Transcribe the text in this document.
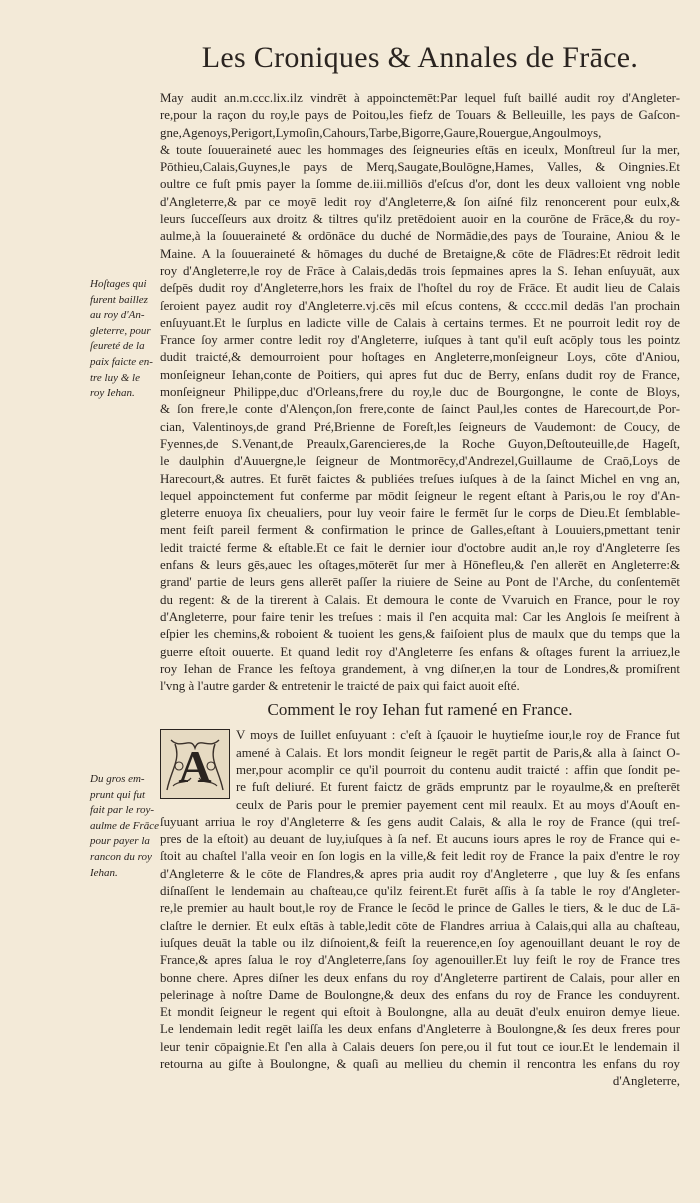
Les Croniques & Annales de Frāce.
Hoſtages qui
furent baillez
au roy d'An-
gleterre, pour
ſeureté de la
paix faicte en-
tre luy & le
roy Iehan.
Du gros em-
prunt qui fut
fait par le roy-
aulme de Frāce
pour payer la
rancon du roy
Iehan.
May audit an.m.ccc.lix.ilz vindrēt à appoinctemēt:Par lequel fuſt baillé audit roy d'Angleter-
re,pour la raçon du roy,le pays de Poitou,les fiefz de Touars & Belleuille, les pays de Gaſcon-
gne,Agenoys,Perigort,Lymoſin,Cahours,Tarbe,Bigorre,Gaure,Rouergue,Angoulmoys,
& toute ſouueraineté auec les hommages des ſeigneuries eſtās en iceulx, Monſtreul ſur la mer,
Pōthieu,Calais,Guynes,le pays de Merq,Saugate,Boulōgne,Hames, Valles, & Oingnies.Et
oultre ce fuſt pmis payer la ſomme de.iii.milliōs d'eſcus d'or, dont les deux valloient vng noble
d'Angleterre,& par ce moyē ledit roy d'Angleterre,& ſon aiſné filz renoncerent pour eulx,&
leurs ſucceſſeurs aux droitz & tiltres qu'ilz pretēdoient auoir en la courōne de Frāce,& du roy-
aulme,à la ſouueraineté & ordōnāce du duché de Normādie,des pays de Touraine, Aniou & le
Maine. A la ſouueraineté & hōmages du duché de Bretaigne,& cōte de Flādres:Et rēdroit ledit
roy d'Angleterre,le roy de Frāce à Calais,dedās trois ſepmaines apres la S. Iehan enſuyuāt, aux
deſpēs dudit roy d'Angleterre,hors les fraix de l'hoſtel du roy de Frāce. Et audit lieu de Calais
ſeroient payez audit roy d'Angleterre.vj.cēs mil eſcus contens, & cccc.mil dedās l'an prochain
enſuyuant.Et le ſurplus en ladicte ville de Calais à certains termes. Et ne pourroit ledit roy de
France ſoy armer contre ledit roy d'Angleterre, iuſques à tant qu'il euſt acōply tous les pointz
dudit traicté,& demourroient pour hoſtages en Angleterre,monſeigneur Loys, cōte d'Aniou,
monſeigneur Iehan,conte de Poitiers, qui apres fut duc de Berry, enſans dudit roy de France,
monſeigneur Philippe,duc d'Orleans,frere du roy,le duc de Bourgongne, le conte de Bloys,
& ſon frere,le conte d'Alençon,ſon frere,conte de ſainct Paul,les contes de Harecourt,de Por-
cian, Valentinoys,de grand Pré,Brienne de Foreſt,les ſeigneurs de Vaudemont: de Coucy, de
Fyennes,de S.Venant,de Preaulx,Garencieres,de la Roche Guyon,Deſtouteuille,de Hageſt,
le daulphin d'Auuergne,le ſeigneur de Montmorēcy,d'Andrezel,Guillaume de Craō,Loys de
Harecourt,& autres. Et furēt faictes & publiées treſues iuſques à de la ſainct Michel en vng an,
lequel appoinctement fut conferme par mōdit ſeigneur le regent eſtant à Paris,ou le roy d'An-
gleterre enuoya ſix cheualiers, pour luy veoir faire le fermēt ſur le corps de Dieu.Et ſemblable-
ment feiſt pareil ferment & confirmation le prince de Galles,eſtant à Louuiers,pmettant tenir
ledit traicté ferme & eſtable.Et ce fait le dernier iour d'octobre audit an,le roy d'Angleterre ſes
enfans & leurs gēs,auec les oſtages,mōterēt ſur mer à Hōnefleu,& ſ'en allerēt en Angleterre:&
grand' partie de leurs gens allerēt paſſer la riuiere de Seine au Pont de l'Arche, du conſentemēt
du regent: & de la tirerent à Calais. Et demoura le conte de Vvaruich en France, pour le roy
d'Angleterre, pour faire tenir les treſues : mais il ſ'en acquita mal: Car les Anglois ſe meiſrent à
eſpier les chemins,& roboient & tuoient les gens,& faiſoient plus de maulx que du temps que la
guerre eſtoit ouuerte. Et quand ledit roy d'Angleterre ſes enfans & oſtages furent la arriuez,le
roy Iehan de France les feſtoya grandement, à vng diſner,en la tour de Londres,& promiſrent
l'vng à l'autre garder & entretenir le traicté de paix qui faict auoit eſté.
Comment le roy Iehan fut ramené en France.
A
V moys de Iuillet enſuyuant : c'eſt à ſçauoir le huytieſme iour,le roy de France fut
amené à Calais. Et lors mondit ſeigneur le regēt partit de Paris,& alla à ſainct O-
mer,pour acomplir ce qu'il pourroit du contenu audit traicté : affin que ſondit pe-
re fuſt deliuré. Et furent faictz de grāds empruntz par le royaulme,& en preſterēt
ceulx de Paris pour le premier payement cent mil reaulx. Et au moys d'Aouſt en-
ſuyuant arriua le roy d'Angleterre & ſes gens audit Calais, & alla le roy de France (qui treſ-
pres de la eſtoit) au deuant de luy,iuſques à ſa nef. Et aucuns iours apres le roy de France qui e-
ſtoit au chaſtel l'alla veoir en ſon logis en la ville,& feit ledit roy de France la paix d'entre le roy
d'Angleterre & le cōte de Flandres,& apres pria audit roy d'Angleterre , que luy & ſes enfans
diſnaſſent le lendemain au chaſteau,ce qu'ilz feirent.Et furēt aſſis à ſa table le roy d'Angleter-
re,le premier au hault bout,le roy de France le ſecōd le prince de Galles le tiers, & le duc de Lā-
claſtre le dernier. Et eulx eſtās à table,ledit cōte de Flandres arriua à Calais,qui alla au chaſteau,
iuſques deuāt la table ou ilz diſnoient,& feiſt la reuerence,en ſoy agenouillant deuant le roy de
France,& apres ſalua le roy d'Angleterre,ſans ſoy agenouiller.Et luy feiſt le roy de France tres
bonne chere. Apres diſner les deux enfans du roy d'Angleterre partirent de Calais, pour aller en
pelerinage à noſtre Dame de Boulongne,& deux des enfans du roy de France les conduyrent.
Et mondit ſeigneur le regent qui eſtoit à Boulongne, alla au deuāt d'eulx enuiron demye lieue.
Le lendemain ledit regēt laiſſa les deux enfans d'Angleterre à Boulongne,& ſes deux freres pour
leur tenir cōpaignie.Et ſ'en alla à Calais deuers ſon pere,ou il fut tout ce iour.Et le lendemain il
retourna au giſte à Boulongne, & quaſi au mellieu du chemin il rencontra les enfans du roy
d'Angleterre,
